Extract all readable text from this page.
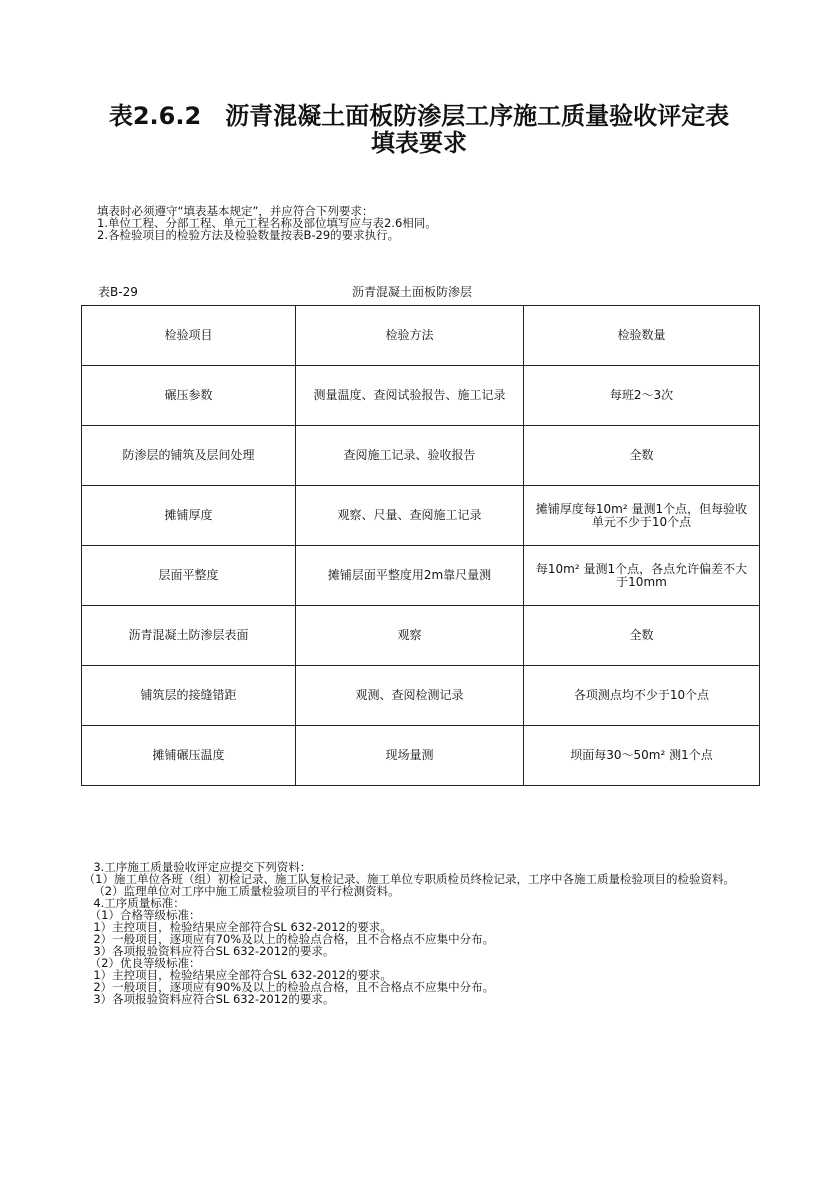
表2.6.2　沥青混凝土面板防渗层工序施工质量验收评定表
填表要求
填表时必须遵守“填表基本规定”，并应符合下列要求：
1.单位工程、分部工程、单元工程名称及部位填写应与表2.6相同。
2.各检验项目的检验方法及检验数量按表B-29的要求执行。
表B-29	沥青混凝土面板防渗层
检验项目	检验方法	检验数量
碾压参数	测量温度、查阅试验报告、施工记录	每班2～3次
防渗层的铺筑及层间处理	查阅施工记录、验收报告	全数
摊铺厚度	观察、尺量、查阅施工记录	摊铺厚度每10m² 量测1个点，但每验收单元不少于10个点
层面平整度	摊铺层面平整度用2m靠尺量测	每10m² 量测1个点，各点允许偏差不大于10mm
沥青混凝土防渗层表面	观察	全数
铺筑层的接缝错距	观测、查阅检测记录	各项测点均不少于10个点
摊铺碾压温度	现场量测	坝面每30～50m² 测1个点
3.工序施工质量验收评定应提交下列资料：
（1）施工单位各班（组）初检记录、施工队复检记录、施工单位专职质检员终检记录，工序中各施工质量检验项目的检验资料。
（2）监理单位对工序中施工质量检验项目的平行检测资料。
4.工序质量标准：
（1）合格等级标准：
1）主控项目，检验结果应全部符合SL 632-2012的要求。
2）一般项目，逐项应有70%及以上的检验点合格，且不合格点不应集中分布。
3）各项报验资料应符合SL 632-2012的要求。
（2）优良等级标准：
1）主控项目，检验结果应全部符合SL 632-2012的要求。
2）一般项目，逐项应有90%及以上的检验点合格，且不合格点不应集中分布。
3）各项报验资料应符合SL 632-2012的要求。
